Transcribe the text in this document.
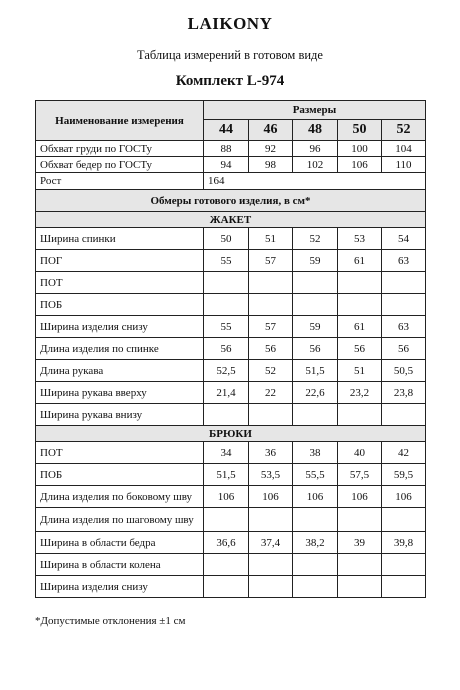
LAIKONY
Таблица измерений в готовом виде
Комплект L-974
Наименование измерения	Размеры				
	44	46	48	50	52
Обхват груди по ГОСТу	88	92	96	100	104
Обхват бедер по ГОСТу	94	98	102	106	110
Рост	164				
Обмеры готового изделия, в см*					
ЖАКЕТ					
Ширина спинки	50	51	52	53	54
ПОГ	55	57	59	61	63
ПОТ					
ПОБ					
Ширина изделия снизу	55	57	59	61	63
Длина изделия по спинке	56	56	56	56	56
Длина рукава	52,5	52	51,5	51	50,5
Ширина рукава вверху	21,4	22	22,6	23,2	23,8
Ширина рукава внизу					
БРЮКИ					
ПОТ	34	36	38	40	42
ПОБ	51,5	53,5	55,5	57,5	59,5
Длина изделия по боковому шву	106	106	106	106	106
Длина изделия по шаговому шву					
Ширина в области бедра	36,6	37,4	38,2	39	39,8
Ширина в области колена					
Ширина изделия снизу					
*Допустимые отклонения ±1 см
